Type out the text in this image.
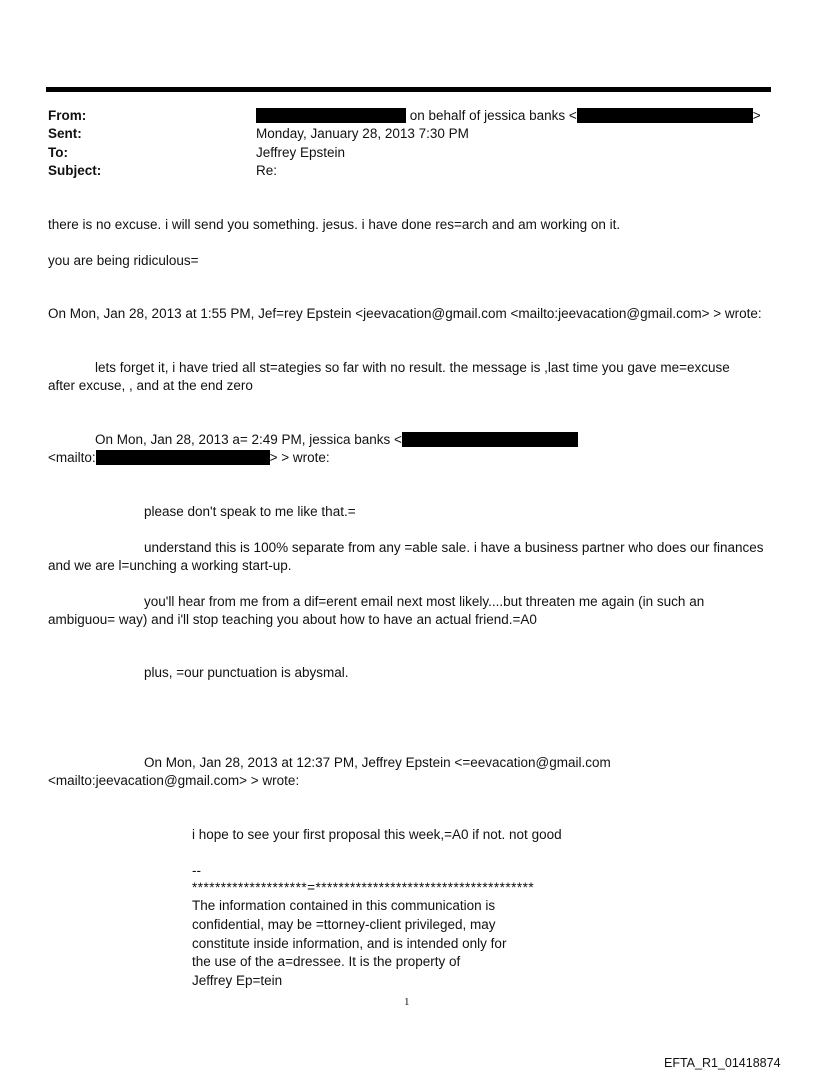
From:	on behalf of jessica banks <	>
Sent:	Monday, January 28, 2013 7:30 PM
To:	Jeffrey Epstein
Subject:	Re:
there is no excuse. i will send you something. jesus. i have done res=arch and am working on it.
you are being ridiculous=
On Mon, Jan 28, 2013 at 1:55 PM, Jef=rey Epstein <jeevacation@gmail.com <mailto:jeevacation@gmail.com> > wrote:
lets forget it, i have tried all st=ategies so far with no result. the message is ,last time you gave me=excuse
after excuse, , and at the end zero
On Mon, Jan 28, 2013 a= 2:49 PM, jessica banks <
<mailto:	> > wrote:
please don't speak to me like that.=
understand this is 100% separate from any =able sale. i have a business partner who does our finances
and we are l=unching a working start-up.
you'll hear from me from a dif=erent email next most likely....but threaten me again (in such an
ambiguou= way) and i'll stop teaching you about how to have an actual friend.=A0
plus, =our punctuation is abysmal.
On Mon, Jan 28, 2013 at 12:37 PM, Jeffrey Epstein <=eevacation@gmail.com
<mailto:jeevacation@gmail.com> > wrote:
i hope to see your first proposal this week,=A0 if not. not good
--
********************=**************************************
The information contained in this communication is
confidential, may be =ttorney-client privileged, may
constitute inside information, and is intended only for
the use of the a=dressee. It is the property of
Jeffrey Ep=tein
1
EFTA_R1_01418874
